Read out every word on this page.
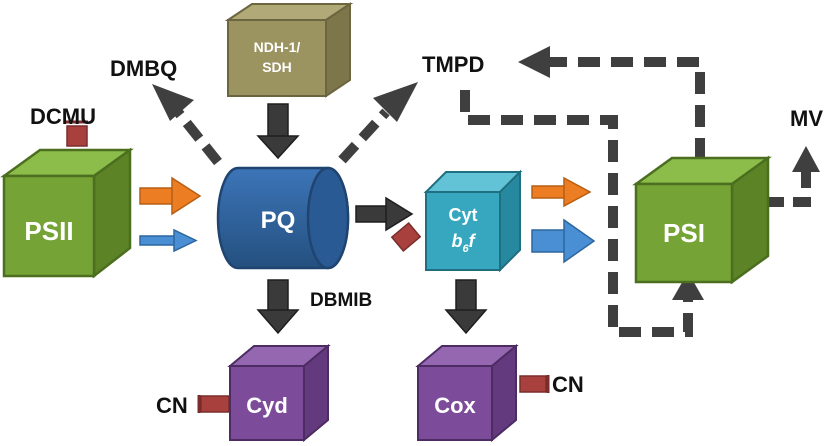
NDH-1/
SDH
PSII	PQ	Cyt
$b_6f$	PSI
Cyd	Cox
DMBQ	TMPD
MV
DCMU
DBMIB
CN
CN
